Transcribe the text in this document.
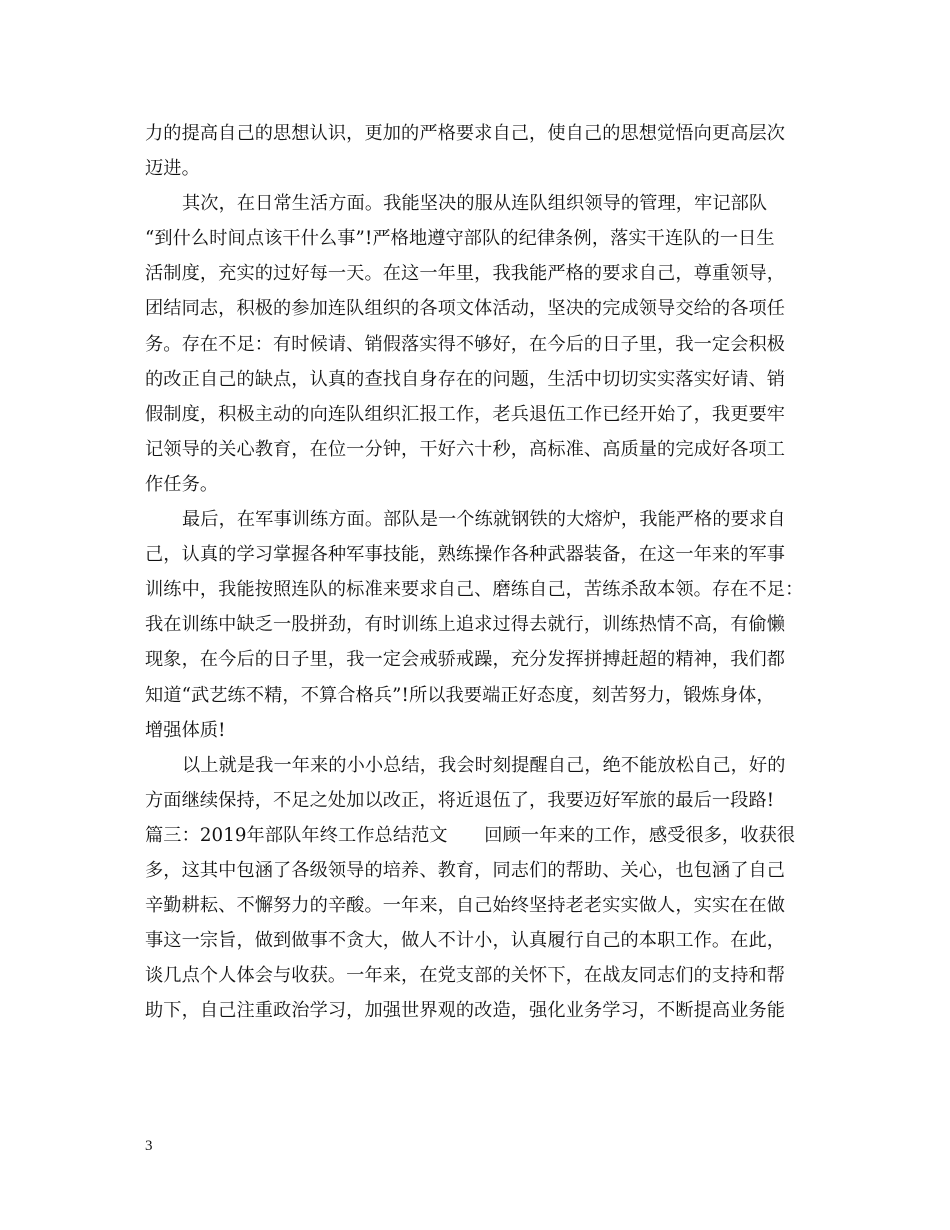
力的提高自己的思想认识，更加的严格要求自己，使自己的思想觉悟向更高层次
迈进。
其次，在日常生活方面。我能坚决的服从连队组织领导的管理，牢记部队
“到什么时间点该干什么事”!严格地遵守部队的纪律条例，落实干连队的一日生
活制度，充实的过好每一天。在这一年里，我我能严格的要求自己，尊重领导，
团结同志，积极的参加连队组织的各项文体活动，坚决的完成领导交给的各项任
务。存在不足：有时候请、销假落实得不够好，在今后的日子里，我一定会积极
的改正自己的缺点，认真的查找自身存在的问题，生活中切切实实落实好请、销
假制度，积极主动的向连队组织汇报工作，老兵退伍工作已经开始了，我更要牢
记领导的关心教育，在位一分钟，干好六十秒，高标准、高质量的完成好各项工
作任务。
最后，在军事训练方面。部队是一个练就钢铁的大熔炉，我能严格的要求自
己，认真的学习掌握各种军事技能，熟练操作各种武器装备，在这一年来的军事
训练中，我能按照连队的标准来要求自己、磨练自己，苦练杀敌本领。存在不足：
我在训练中缺乏一股拼劲，有时训练上追求过得去就行，训练热情不高，有偷懒
现象，在今后的日子里，我一定会戒骄戒躁，充分发挥拼搏赶超的精神，我们都
知道“武艺练不精，不算合格兵”!所以我要端正好态度，刻苦努力，锻炼身体，
增强体质!
以上就是我一年来的小小总结，我会时刻提醒自己，绝不能放松自己，好的
方面继续保持，不足之处加以改正，将近退伍了，我要迈好军旅的最后一段路!
篇三：2019年部队年终工作总结范文　　回顾一年来的工作，感受很多，收获很
多，这其中包涵了各级领导的培养、教育，同志们的帮助、关心，也包涵了自己
辛勤耕耘、不懈努力的辛酸。一年来，自己始终坚持老老实实做人，实实在在做
事这一宗旨，做到做事不贪大，做人不计小，认真履行自己的本职工作。在此，
谈几点个人体会与收获。一年来，在党支部的关怀下，在战友同志们的支持和帮
助下，自己注重政治学习，加强世界观的改造，强化业务学习，不断提高业务能
3
